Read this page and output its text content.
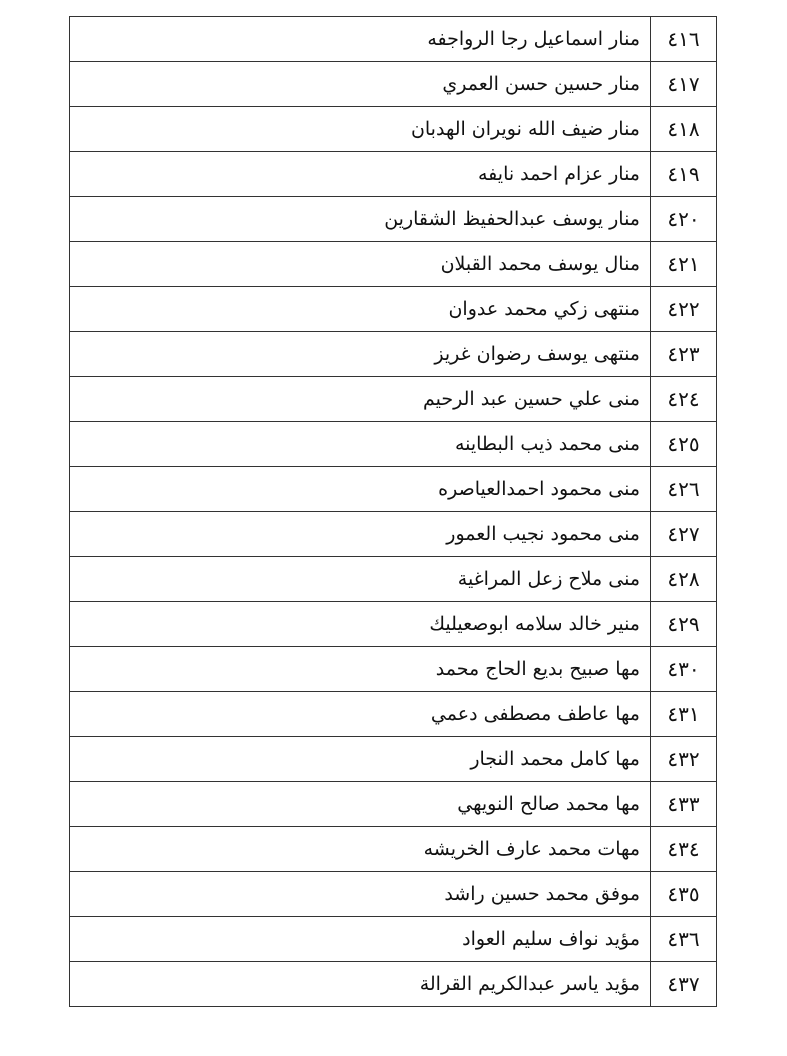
٤١٦	منار اسماعيل رجا الرواجفه
٤١٧	منار حسين حسن العمري
٤١٨	منار ضيف الله نويران الهدبان
٤١٩	منار عزام احمد نايفه
٤٢٠	منار يوسف عبدالحفيظ الشقارين
٤٢١	منال يوسف محمد القبلان
٤٢٢	منتهى زكي محمد عدوان
٤٢٣	منتهى يوسف رضوان غريز
٤٢٤	منى علي حسين عبد الرحيم
٤٢٥	منى محمد ذيب البطاينه
٤٢٦	منى محمود احمدالعياصره
٤٢٧	منى محمود نجيب العمور
٤٢٨	منى ملاح زعل المراغية
٤٢٩	منير خالد سلامه ابوصعيليك
٤٣٠	مها صبيح بديع الحاج محمد
٤٣١	مها عاطف مصطفى دعمي
٤٣٢	مها كامل محمد النجار
٤٣٣	مها محمد صالح النويهي
٤٣٤	مهات محمد عارف الخريشه
٤٣٥	موفق محمد حسين راشد
٤٣٦	مؤيد نواف سليم العواد
٤٣٧	مؤيد ياسر عبدالكريم القرالة
